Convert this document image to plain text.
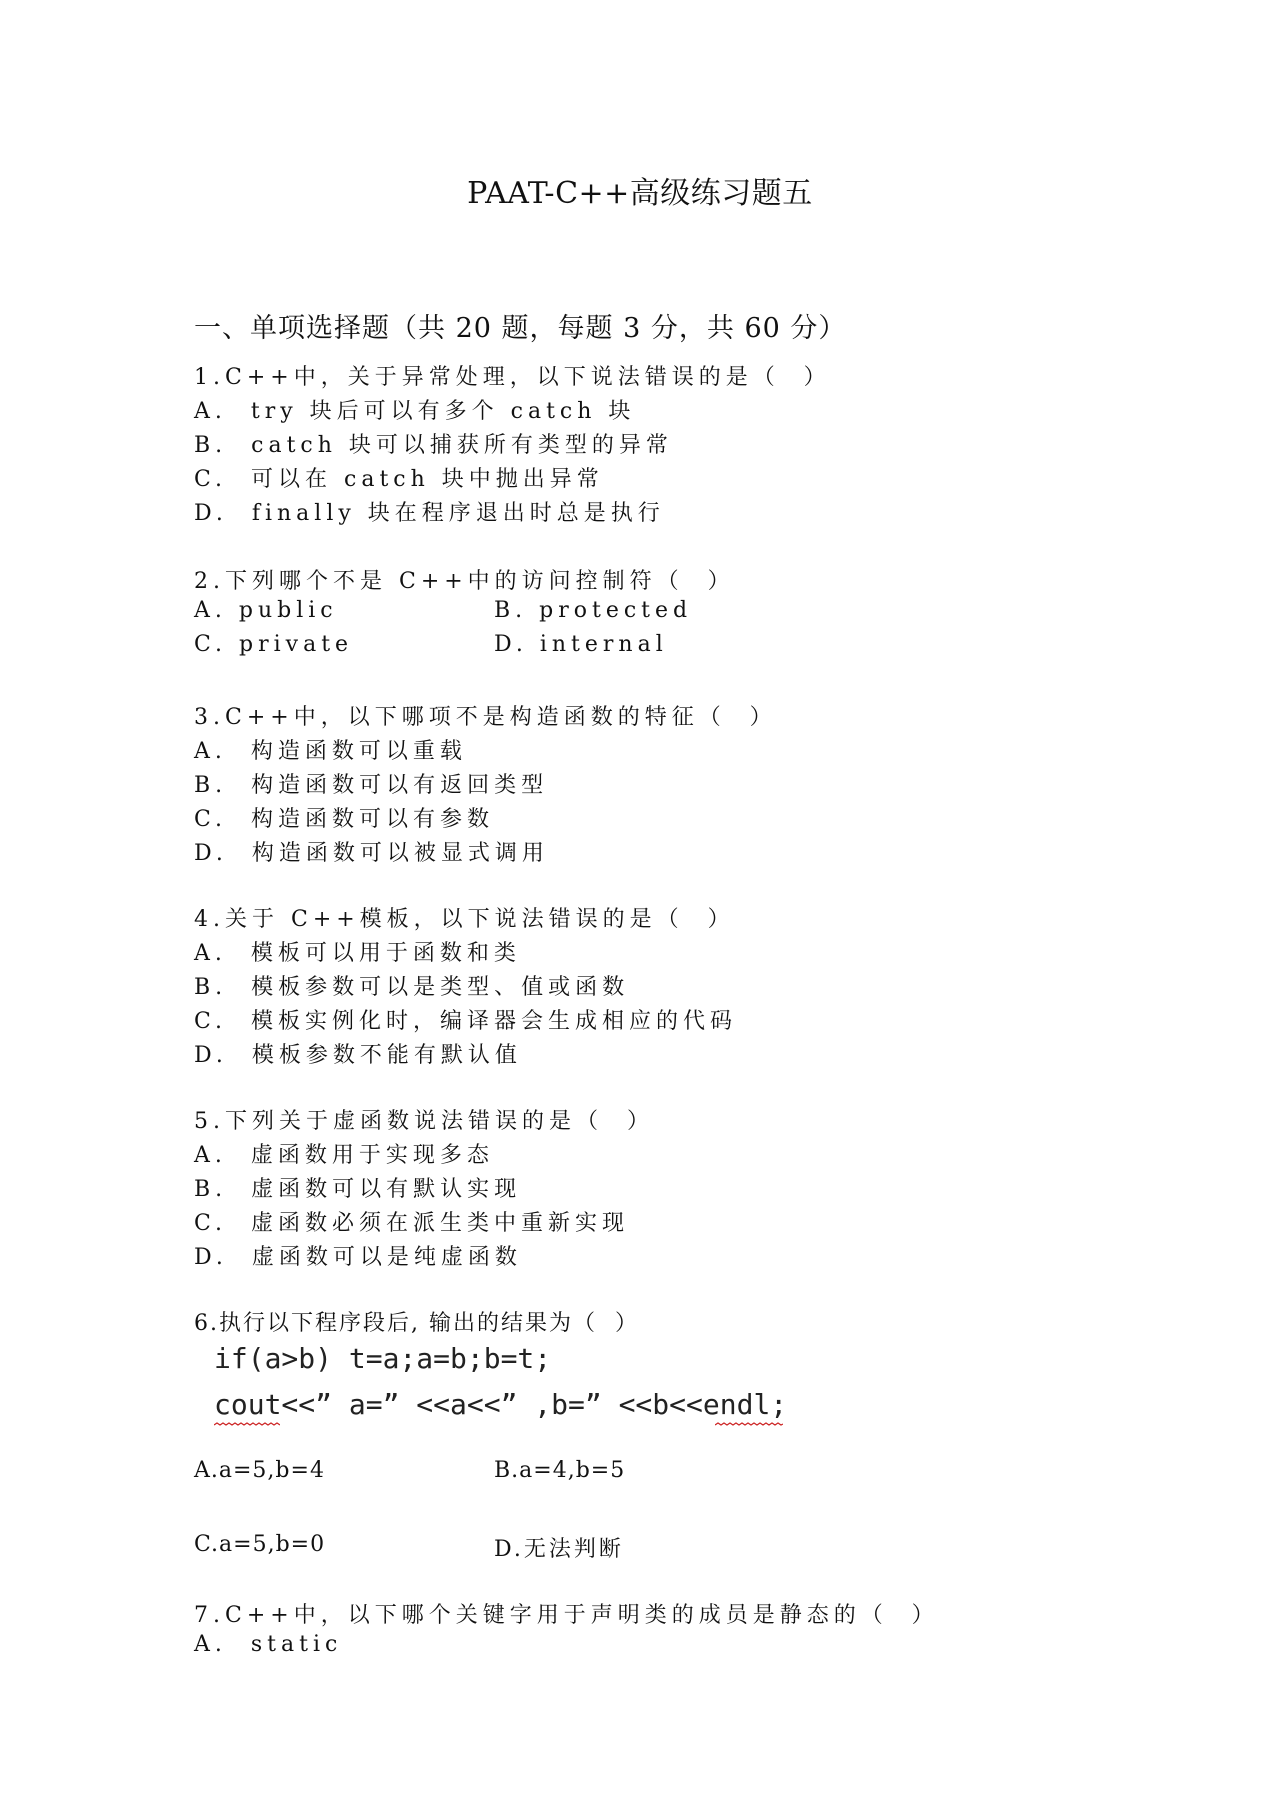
PAAT-C++高级练习题五
一、单项选择题（共 20 题，每题 3 分，共 60 分）
1.C++中，关于异常处理，以下说法错误的是（  ）
A.  try 块后可以有多个 catch 块
B.  catch 块可以捕获所有类型的异常
C.  可以在 catch 块中抛出异常
D.  finally 块在程序退出时总是执行
2.下列哪个不是 C++中的访问控制符（  ）
A. public	B. protected
C. private	D. internal
3.C++中，以下哪项不是构造函数的特征（  ）
A.  构造函数可以重载
B.  构造函数可以有返回类型
C.  构造函数可以有参数
D.  构造函数可以被显式调用
4.关于 C++模板，以下说法错误的是（  ）
A.  模板可以用于函数和类
B.  模板参数可以是类型、值或函数
C.  模板实例化时，编译器会生成相应的代码
D.  模板参数不能有默认值
5.下列关于虚函数说法错误的是（  ）
A.  虚函数用于实现多态
B.  虚函数可以有默认实现
C.  虚函数必须在派生类中重新实现
D.  虚函数可以是纯虚函数
6.执行以下程序段后, 输出的结果为（  ）

if(a>b) t=a;a=b;b=t;

cout<<” a=” <<a<<” ,b=” <<b<<endl;

A.a=5,b=4	B.a=4,b=5
C.a=5,b=0	D.无法判断
7.C++中，以下哪个关键字用于声明类的成员是静态的（  ）
A.  static
